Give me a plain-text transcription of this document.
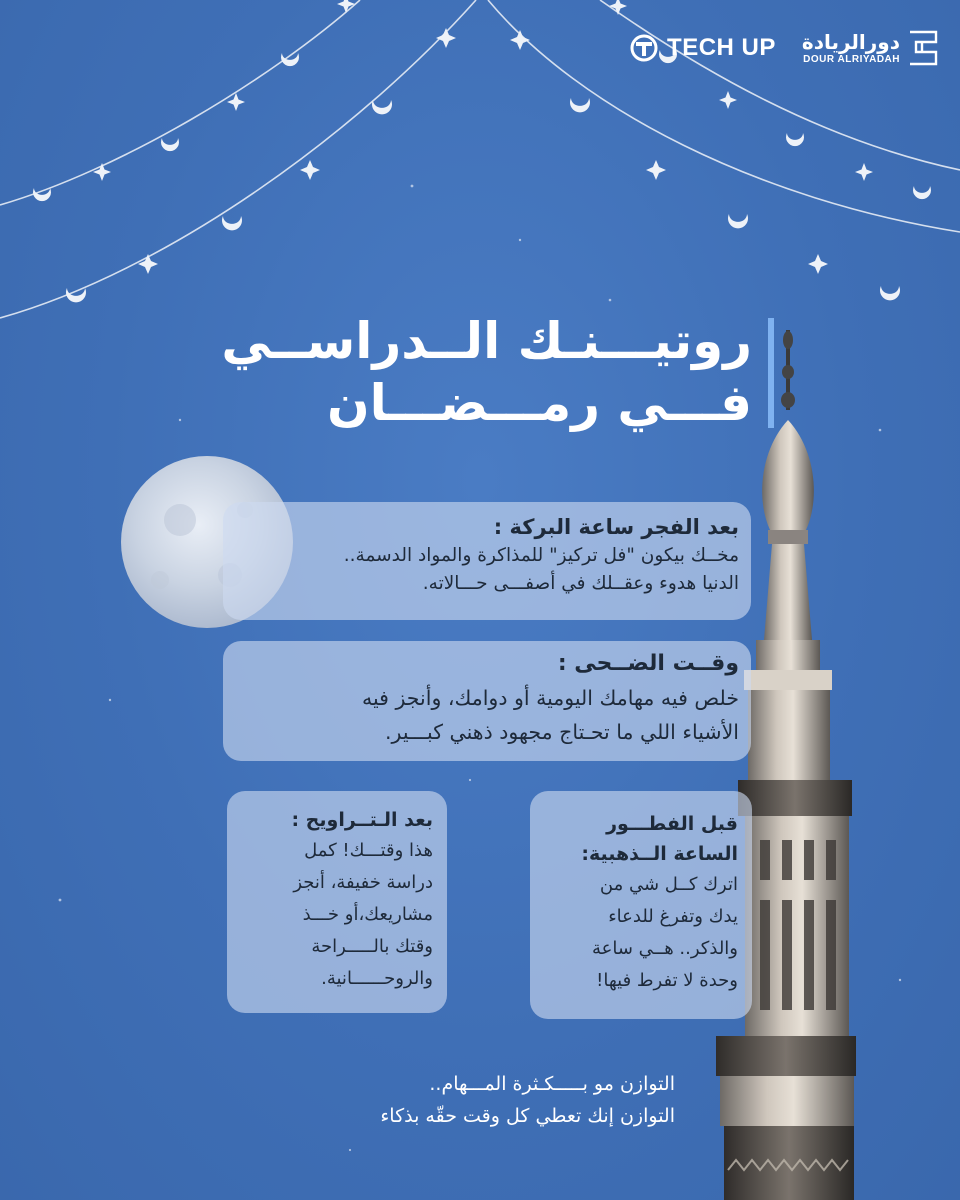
TECH UP دورالريادة
DOUR ALRIYADAH
روتيـــنـك الــدراســي
فـــي رمـــضـــان
بعد الفجر ساعة البركة :
مخــك بيكون "فل تركيز" للمذاكرة والمواد الدسمة..
الدنيا هدوء وعقــلك في أصفـــى حـــالاته.
وقــت الضــحى :
خلص فيه مهامك اليومية أو دوامك، وأنجز فيه
الأشياء اللي ما تحـتاج مجهود ذهني كبـــير.
بعد الـتــراويح :
هذا وقتـــك! كمل
دراسة خفيفة، أنجز
مشاريعك،أو خـــذ
وقتك بالـــــراحة
والروحــــــانية.
قبل الفطـــور
الساعة الــذهبية:
اترك كــل شي من
يدك وتفرغ للدعاء
والذكر.. هــي ساعة
وحدة لا تفرط فيها!
التوازن مو بـــــكـثرة المـــهام..
التوازن إنك تعطي كل وقت حقّه بذكاء
